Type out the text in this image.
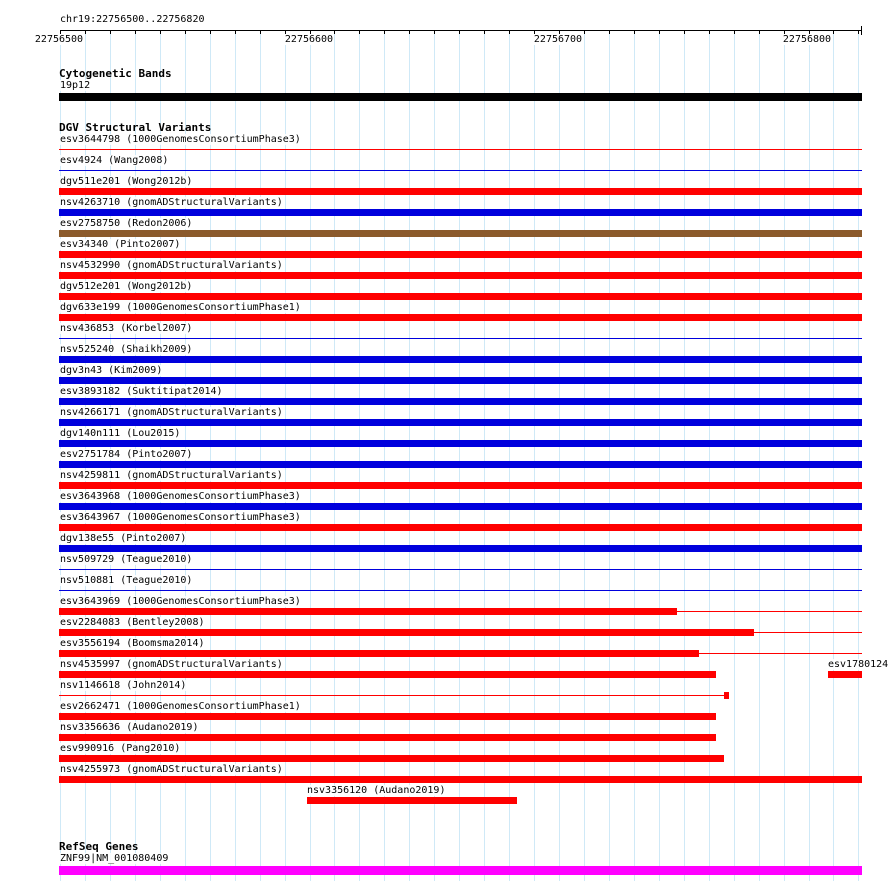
chr19:22756500..22756820
22756500	22756600	22756700	22756800
Cytogenetic Bands
19p12
DGV Structural Variants
esv3644798 (1000GenomesConsortiumPhase3)
esv4924 (Wang2008)
dgv511e201 (Wong2012b)
nsv4263710 (gnomADStructuralVariants)
esv2758750 (Redon2006)
esv34340 (Pinto2007)
nsv4532990 (gnomADStructuralVariants)
dgv512e201 (Wong2012b)
dgv633e199 (1000GenomesConsortiumPhase1)
nsv436853 (Korbel2007)
nsv525240 (Shaikh2009)
dgv3n43 (Kim2009)
esv3893182 (Suktitipat2014)
nsv4266171 (gnomADStructuralVariants)
dgv140n111 (Lou2015)
esv2751784 (Pinto2007)
nsv4259811 (gnomADStructuralVariants)
esv3643968 (1000GenomesConsortiumPhase3)
esv3643967 (1000GenomesConsortiumPhase3)
dgv138e55 (Pinto2007)
nsv509729 (Teague2010)
nsv510881 (Teague2010)
esv3643969 (1000GenomesConsortiumPhase3)
esv2284083 (Bentley2008)
esv3556194 (Boomsma2014)
nsv4535997 (gnomADStructuralVariants)
nsv1146618 (John2014)
esv2662471 (1000GenomesConsortiumPhase1)
nsv3356636 (Audano2019)
esv990916 (Pang2010)
nsv4255973 (gnomADStructuralVariants)
nsv3356120 (Audano2019)
esv1780124
RefSeq Genes
ZNF99|NM_001080409
